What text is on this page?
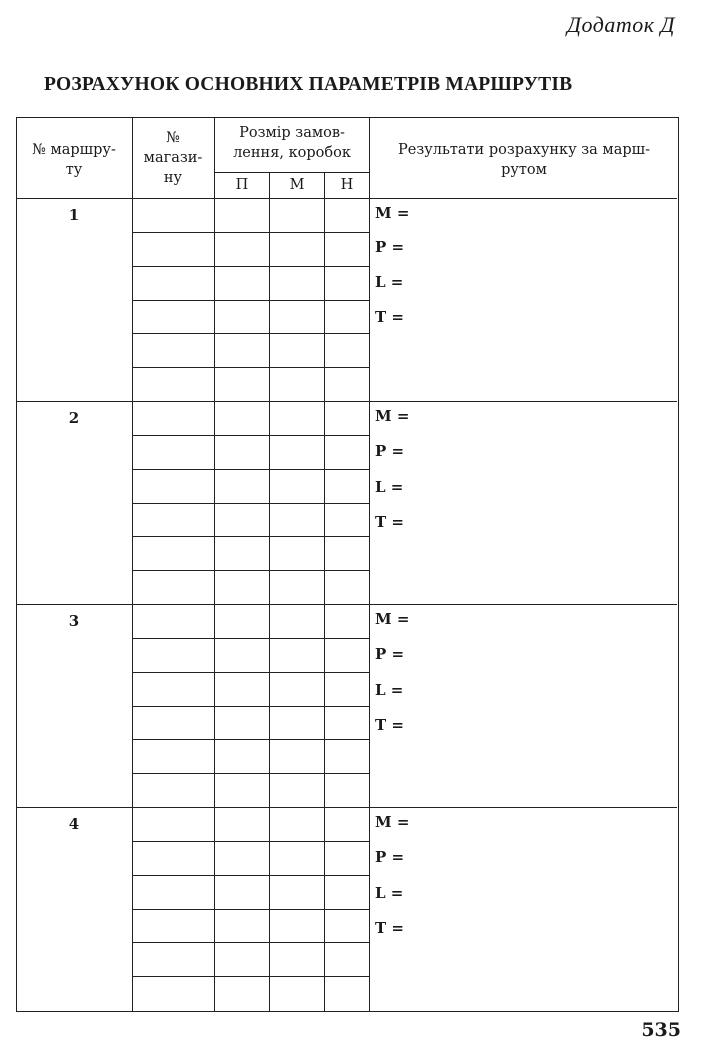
Додаток Д
РОЗРАХУНОК ОСНОВНИХ ПАРАМЕТРІВ МАРШРУТІВ
№ маршру-
ту
№
магази-
ну
Розмір замов-
лення, коробок
П	М	Н
Результати розрахунку за марш-
рутом
1
2
3
4
M =
P =
L =
T =
M =
P =
L =
T =
M =
P =
L =
T =
M =
P =
L =
T =
535
